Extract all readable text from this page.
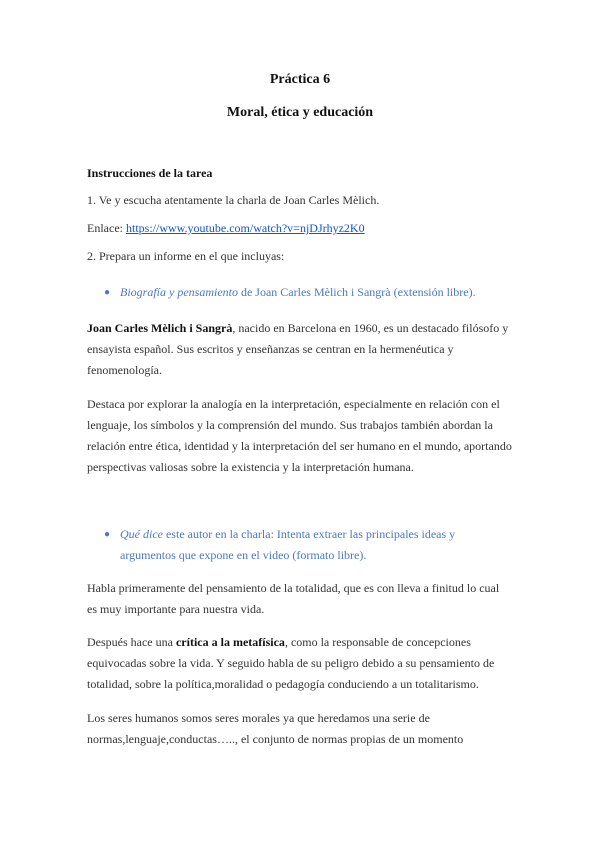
Práctica 6
Moral, ética y educación
Instrucciones de la tarea
1. Ve y escucha atentamente la charla de Joan Carles Mèlich.
Enlace: https://www.youtube.com/watch?v=njDJrhyz2K0
2. Prepara un informe en el que incluyas:
● Biografía y pensamiento de Joan Carles Mèlich i Sangrà (extensión libre).
Joan Carles Mèlich i Sangrà, nacido en Barcelona en 1960, es un destacado filósofo y
ensayista español. Sus escritos y enseñanzas se centran en la hermenéutica y
fenomenología.
Destaca por explorar la analogía en la interpretación, especialmente en relación con el
lenguaje, los símbolos y la comprensión del mundo. Sus trabajos también abordan la
relación entre ética, identidad y la interpretación del ser humano en el mundo, aportando
perspectivas valiosas sobre la existencia y la interpretación humana.
● Qué dice este autor en la charla: Intenta extraer las principales ideas y
argumentos que expone en el video (formato libre).
Habla primeramente del pensamiento de la totalidad, que es con lleva a finitud lo cual
es muy importante para nuestra vida.
Después hace una crítica a la metafísica, como la responsable de concepciones
equivocadas sobre la vida. Y seguido habla de su peligro debido a su pensamiento de
totalidad, sobre la política,moralidad o pedagogía conduciendo a un totalitarismo.
Los seres humanos somos seres morales ya que heredamos una serie de
normas,lenguaje,conductas….., el conjunto de normas propias de un momento
